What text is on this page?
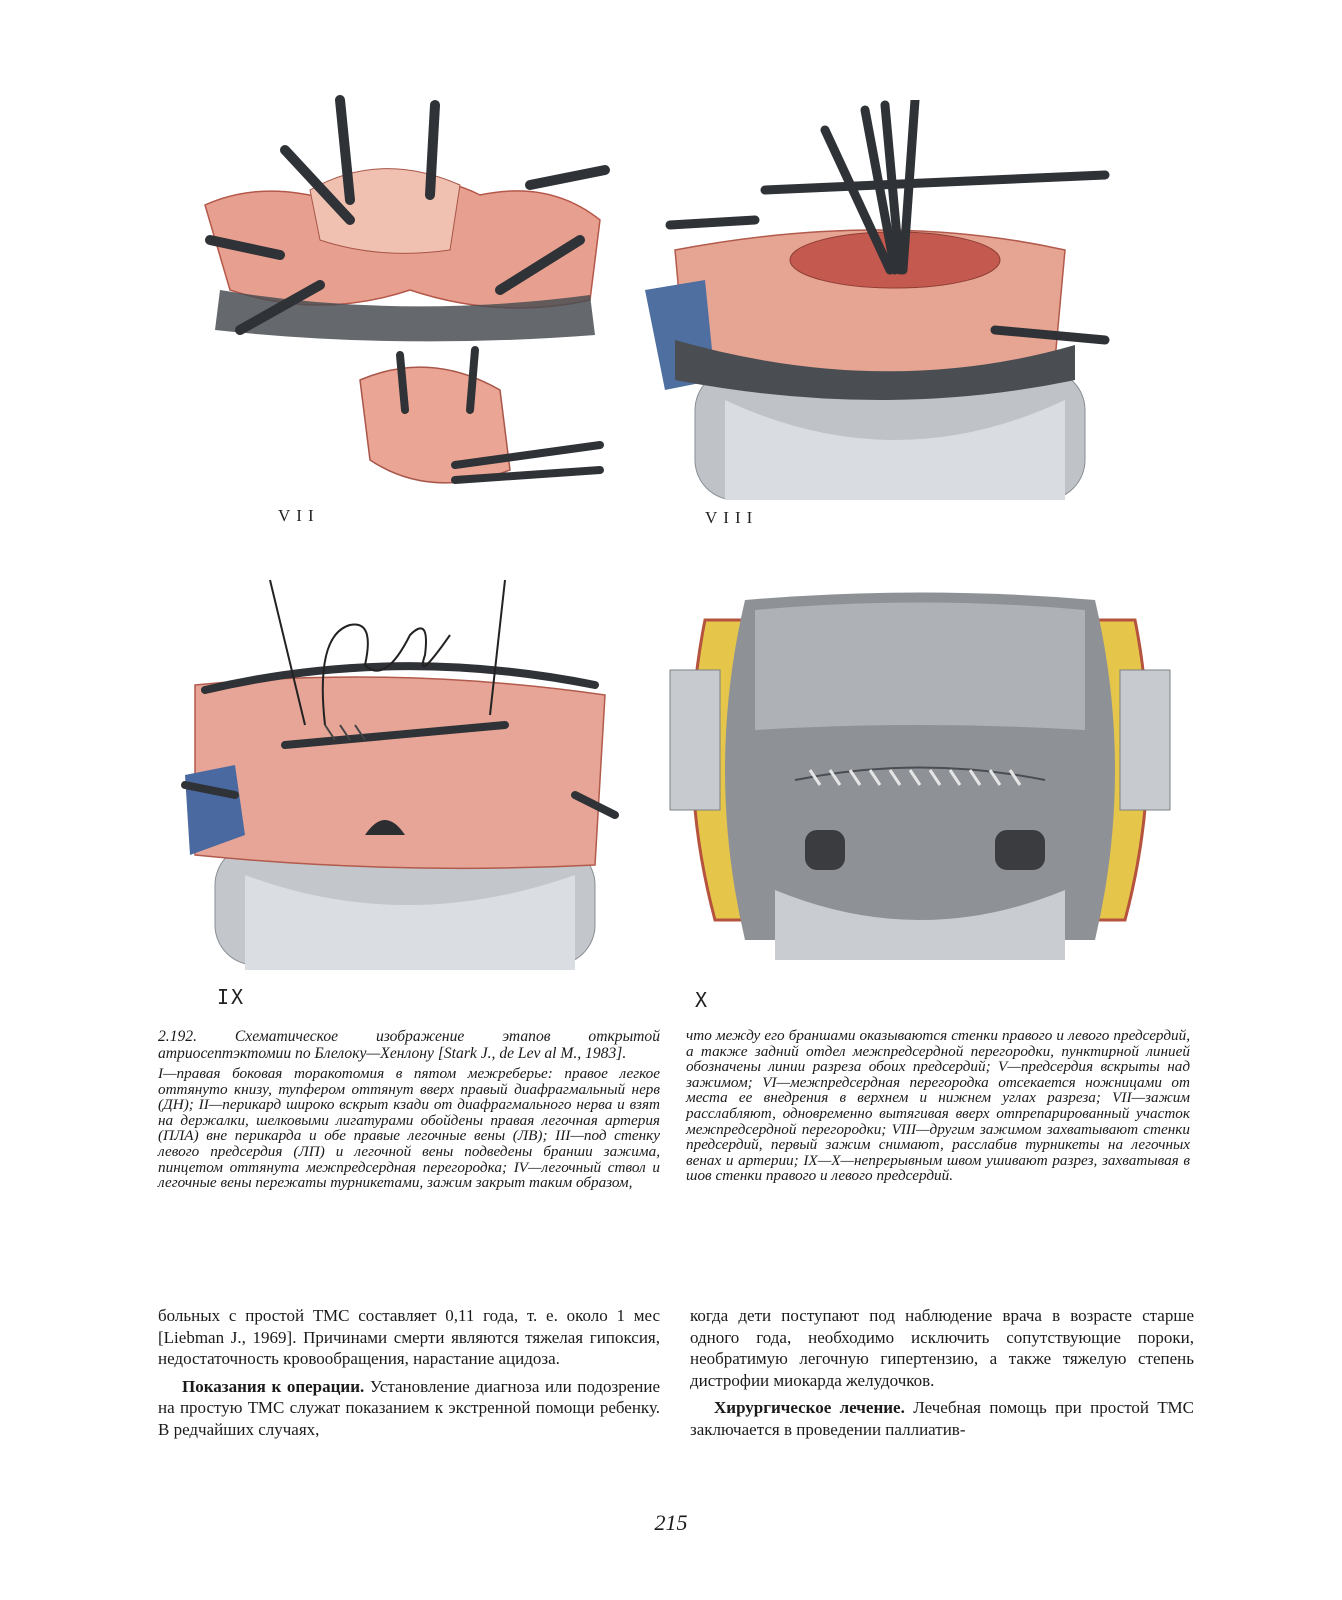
VII	VIII
IX	X

2.192. Схематическое изображение этапов открытой атриосептэктомии по Блелоку—Хенлону [Stark J., de Lev al M., 1983].

I—правая боковая торакотомия в пятом межреберье: правое легкое оттянуто книзу, тупфером оттянут вверх правый диафрагмальный нерв (ДН); II—перикард широко вскрыт кзади от диафрагмального нерва и взят на держалки, шелковыми лигатурами обойдены правая легочная артерия (ПЛА) вне перикарда и обе правые легочные вены (ЛВ); III—под стенку левого предсердия (ЛП) и легочной вены подведены бранши зажима, пинцетом оттянута межпредсердная перегородка; IV—легочный ствол и легочные вены пережаты турникетами, зажим закрыт таким образом,

что между его браншами оказываются стенки правого и левого предсердий, а также задний отдел межпредсердной перегородки, пунктирной линией обозначены линии разреза обоих предсердий; V—предсердия вскрыты над зажимом; VI—межпредсердная перегородка отсекается ножницами от места ее внедрения в верхнем и нижнем углах разреза; VII—зажим расслабляют, одновременно вытягивая вверх отпрепарированный участок межпредсердной перегородки; VIII—другим зажимом захватывают стенки предсердий, первый зажим снимают, расслабив турникеты на легочных венах и артерии; IX—X—непрерывным швом ушивают разрез, захватывая в шов стенки правого и левого предсердий.

больных с простой ТМС составляет 0,11 года, т. е. около 1 мес [Liebman J., 1969]. Причинами смерти являются тяжелая гипоксия, недостаточность кровообращения, нарастание ацидоза.

Показания к операции. Установление диагноза или подозрение на простую ТМС служат показанием к экстренной помощи ребенку. В редчайших случаях,

когда дети поступают под наблюдение врача в возрасте старше одного года, необходимо исключить сопутствующие пороки, необратимую легочную гипертензию, а также тяжелую степень дистрофии миокарда желудочков.

Хирургическое лечение. Лечебная помощь при простой ТМС заключается в проведении паллиатив-

215
